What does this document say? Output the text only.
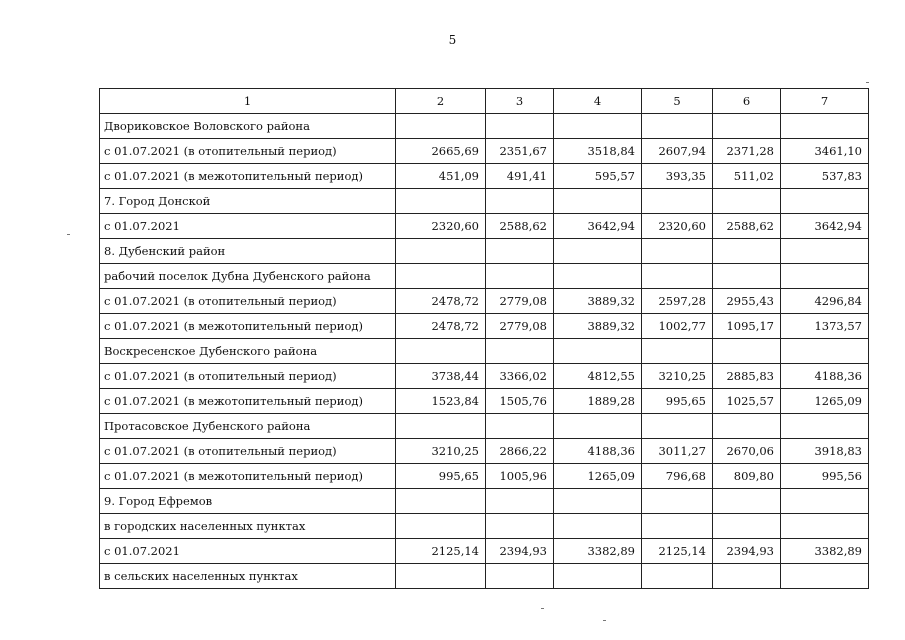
5
1	2	3	4	5	6	7
Двориковское Воловского района						
с 01.07.2021 (в отопительный период)	2665,69	2351,67	3518,84	2607,94	2371,28	3461,10
с 01.07.2021 (в межотопительный период)	451,09	491,41	595,57	393,35	511,02	537,83
7. Город Донской						
с 01.07.2021	2320,60	2588,62	3642,94	2320,60	2588,62	3642,94
8. Дубенский район						
рабочий поселок Дубна Дубенского района						
с 01.07.2021 (в отопительный период)	2478,72	2779,08	3889,32	2597,28	2955,43	4296,84
с 01.07.2021 (в межотопительный период)	2478,72	2779,08	3889,32	1002,77	1095,17	1373,57
Воскресенское Дубенского района						
с 01.07.2021 (в отопительный период)	3738,44	3366,02	4812,55	3210,25	2885,83	4188,36
с 01.07.2021 (в межотопительный период)	1523,84	1505,76	1889,28	995,65	1025,57	1265,09
Протасовское Дубенского района						
с 01.07.2021 (в отопительный период)	3210,25	2866,22	4188,36	3011,27	2670,06	3918,83
с 01.07.2021 (в межотопительный период)	995,65	1005,96	1265,09	796,68	809,80	995,56
9. Город Ефремов						
в городских населенных пунктах						
с 01.07.2021	2125,14	2394,93	3382,89	2125,14	2394,93	3382,89
в сельских населенных пунктах						
